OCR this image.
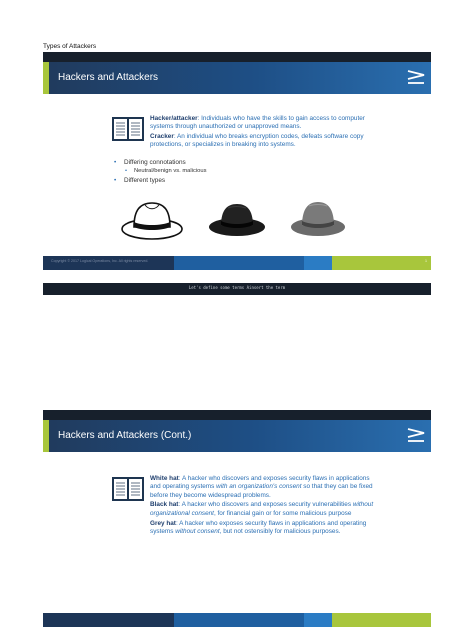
Types of Attackers
Hackers and Attackers

Hacker/attacker: Individuals who have the skills to gain access to computer systems through unauthorized or unapproved means.

Cracker: An individual who breaks encryption codes, defeats software copy protections, or specializes in breaking into systems.

• Differing connotations
• Neutral/benign vs. malicious
• Different types
Copyright © 2017 Logical Operations, Inc. All rights reserved.	1
Let's define some terms Ainsert the term
Hackers and Attackers (Cont.)

White hat: A hacker who discovers and exposes security flaws in applications and operating systems with an organization's consent so that they can be fixed before they become widespread problems.

Black hat: A hacker who discovers and exposes security vulnerabilities without organizational consent, for financial gain or for some malicious purpose

Grey hat: A hacker who exposes security flaws in applications and operating systems without consent, but not ostensibly for malicious purposes.
